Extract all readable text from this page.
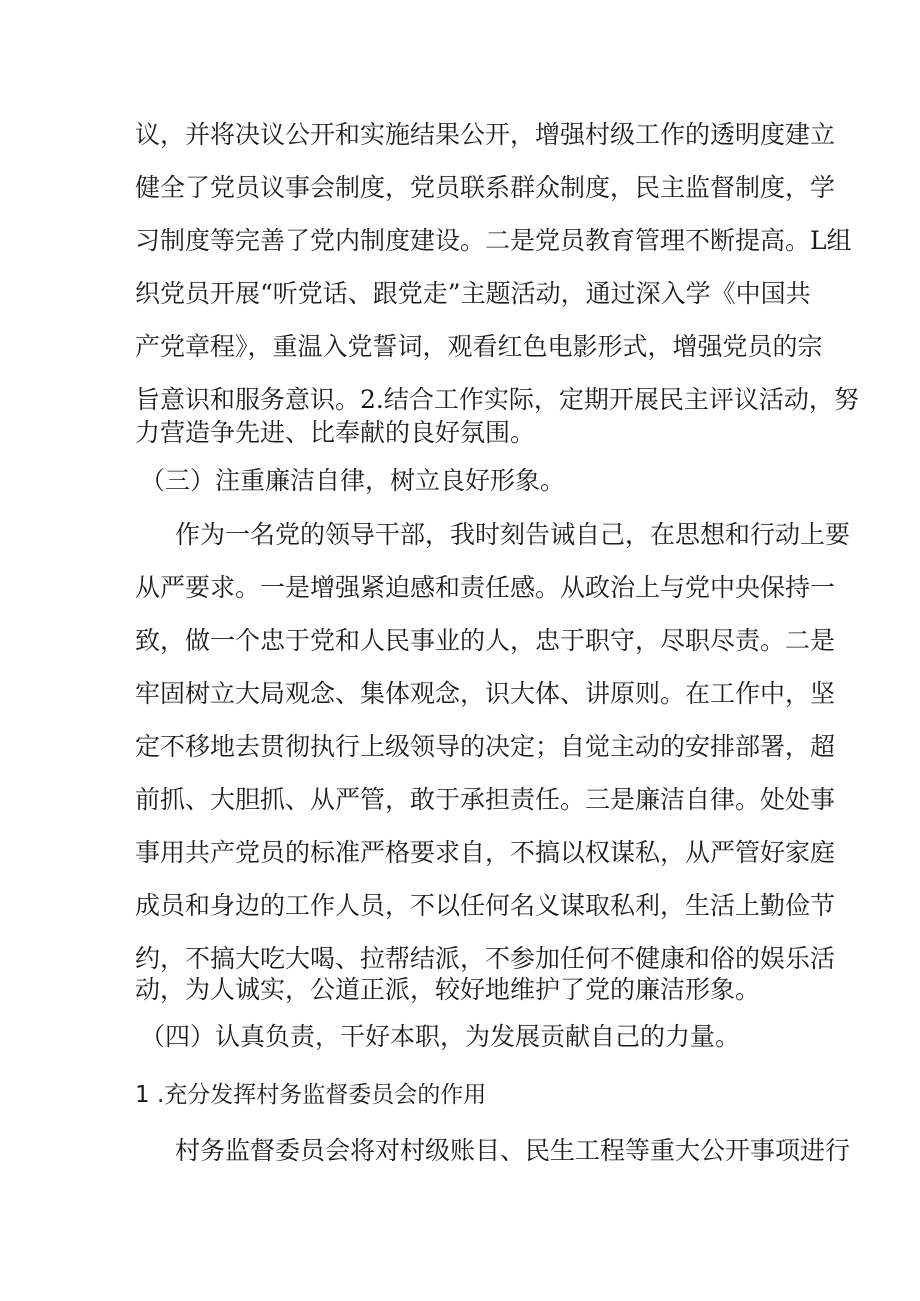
议，并将决议公开和实施结果公开，增强村级工作的透明度建立
健全了党员议事会制度，党员联系群众制度，民主监督制度，学
习制度等完善了党内制度建设。二是党员教育管理不断提高。L组
织党员开展“听党话、跟党走”主题活动，通过深入学《中国共
产党章程》，重温入党誓词，观看红色电影形式，增强党员的宗
旨意识和服务意识。2.结合工作实际，定期开展民主评议活动，努
力营造争先进、比奉献的良好氛围。
（三）注重廉洁自律，树立良好形象。
作为一名党的领导干部，我时刻告诫自己，在思想和行动上要
从严要求。一是增强紧迫感和责任感。从政治上与党中央保持一
致，做一个忠于党和人民事业的人，忠于职守，尽职尽责。二是
牢固树立大局观念、集体观念，识大体、讲原则。在工作中，坚
定不移地去贯彻执行上级领导的决定；自觉主动的安排部署，超
前抓、大胆抓、从严管，敢于承担责任。三是廉洁自律。处处事
事用共产党员的标准严格要求自，不搞以权谋私，从严管好家庭
成员和身边的工作人员，不以任何名义谋取私利，生活上勤俭节
约，不搞大吃大喝、拉帮结派，不参加任何不健康和俗的娱乐活
动，为人诚实，公道正派，较好地维护了党的廉洁形象。
（四）认真负责，干好本职，为发展贡献自己的力量。
1 .充分发挥村务监督委员会的作用
村务监督委员会将对村级账目、民生工程等重大公开事项进行
